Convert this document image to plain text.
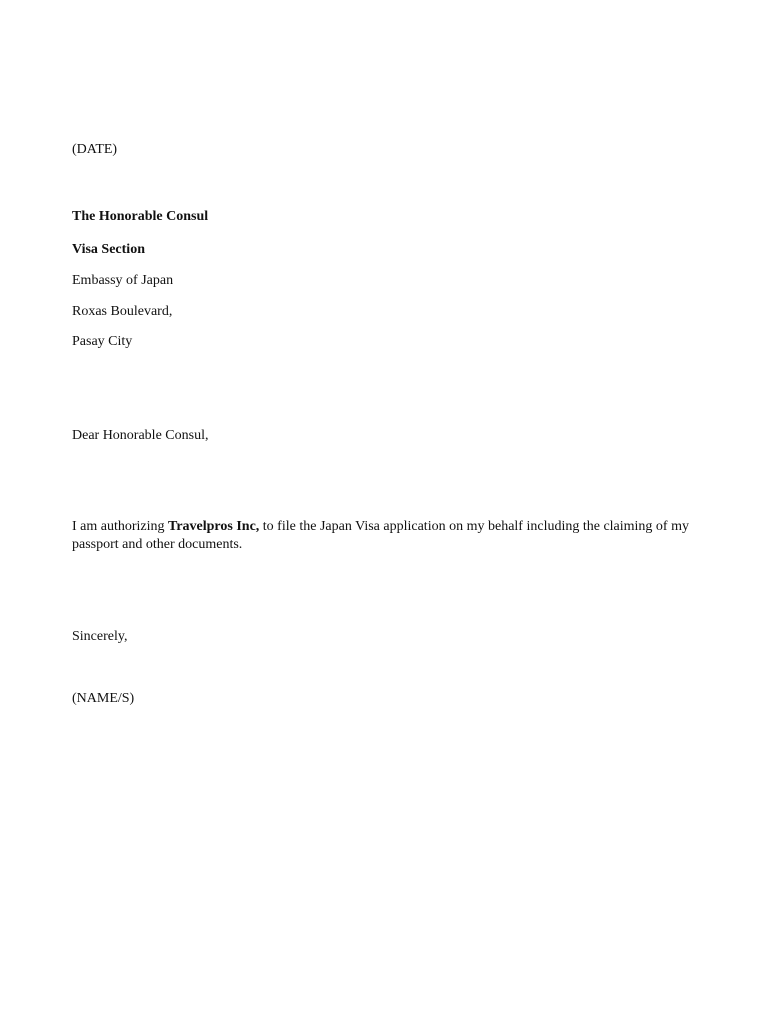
(DATE)

The Honorable Consul

Visa Section

Embassy of Japan

Roxas Boulevard,

Pasay City

Dear Honorable Consul,

I am authorizing Travelpros Inc, to file the Japan Visa application on my behalf including the claiming of my passport and other documents.

Sincerely,

(NAME/S)
